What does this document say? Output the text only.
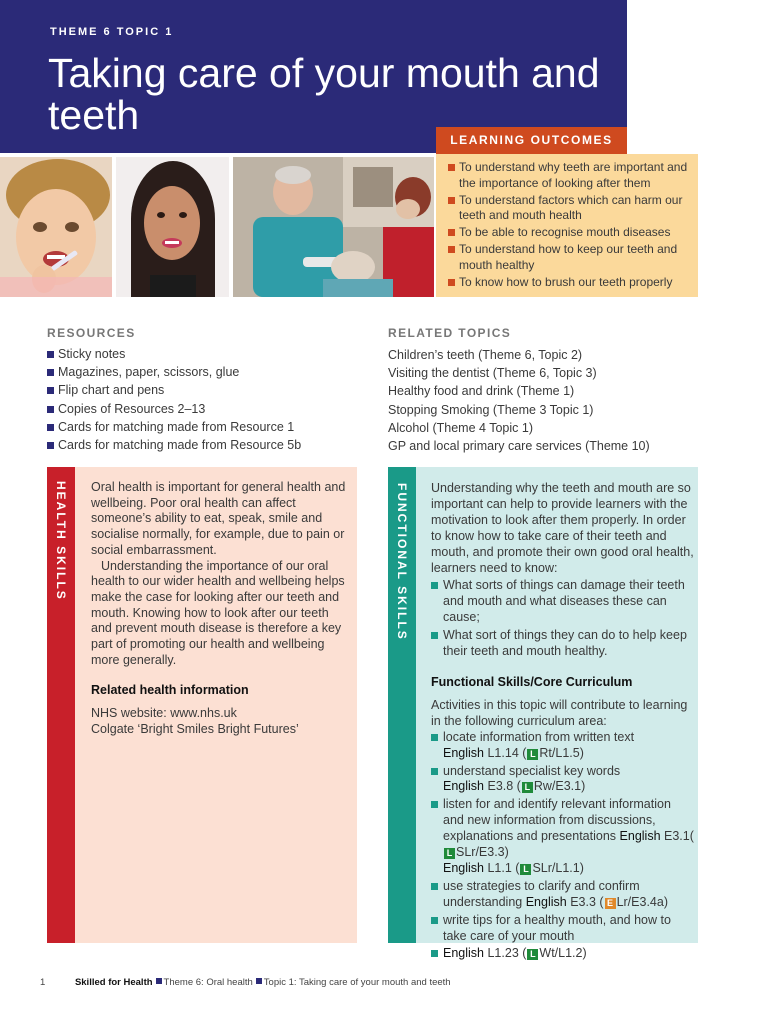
THEME 6 TOPIC 1
Taking care of your mouth and teeth
LEARNING OUTCOMES
To understand why teeth are important and the importance of looking after them
To understand factors which can harm our teeth and mouth health
To be able to recognise mouth diseases
To understand how to keep our teeth and mouth healthy
To know how to brush our teeth properly
RESOURCES
Sticky notes
Magazines, paper, scissors, glue
Flip chart and pens
Copies of Resources 2–13
Cards for matching made from Resource 1
Cards for matching made from Resource 5b
RELATED TOPICS
Children’s teeth (Theme 6, Topic 2)
Visiting the dentist (Theme 6, Topic 3)
Healthy food and drink (Theme 1)
Stopping Smoking (Theme 3 Topic 1)
Alcohol (Theme 4 Topic 1)
GP and local primary care services (Theme 10)
HEALTH SKILLS Oral health is important for general health and wellbeing. Poor oral health can affect someone’s ability to eat, speak, smile and socialise normally, for example, due to pain or social embarrassment.

Understanding the importance of our oral health to our wider health and wellbeing helps make the case for looking after our teeth and mouth. Knowing how to look after our teeth and prevent mouth disease is therefore a key part of promoting our health and wellbeing more generally.

Related health information

NHS website: www.nhs.uk

Colgate ‘Bright Smiles Bright Futures’

FUNCTIONAL SKILLS Understanding why the teeth and mouth are so important can help to provide learners with the motivation to look after them properly. In order to know how to take care of their teeth and mouth, and promote their own good oral health, learners need to know:

What sorts of things can damage their teeth and mouth and what diseases these can cause;
What sort of things they can do to help keep their teeth and mouth healthy.

Functional Skills/Core Curriculum

Activities in this topic will contribute to learning in the following curriculum area:

locate information from written text
English L1.14 ( L Rt/L1.5)
understand specialist key words
English E3.8 ( L Rw/E3.1)
listen for and identify relevant information and new information from discussions, explanations and presentations English E3.1(L SLr/E3.3)
English L1.1 ( L SLr/L1.1)
use strategies to clarify and confirm understanding English E3.3 ( E Lr/E3.4a)
write tips for a healthy mouth, and how to take care of your mouth
English L1.23 ( L Wt/L1.2)
1	Skilled for Health Theme 6: Oral health Topic 1: Taking care of your mouth and teeth
